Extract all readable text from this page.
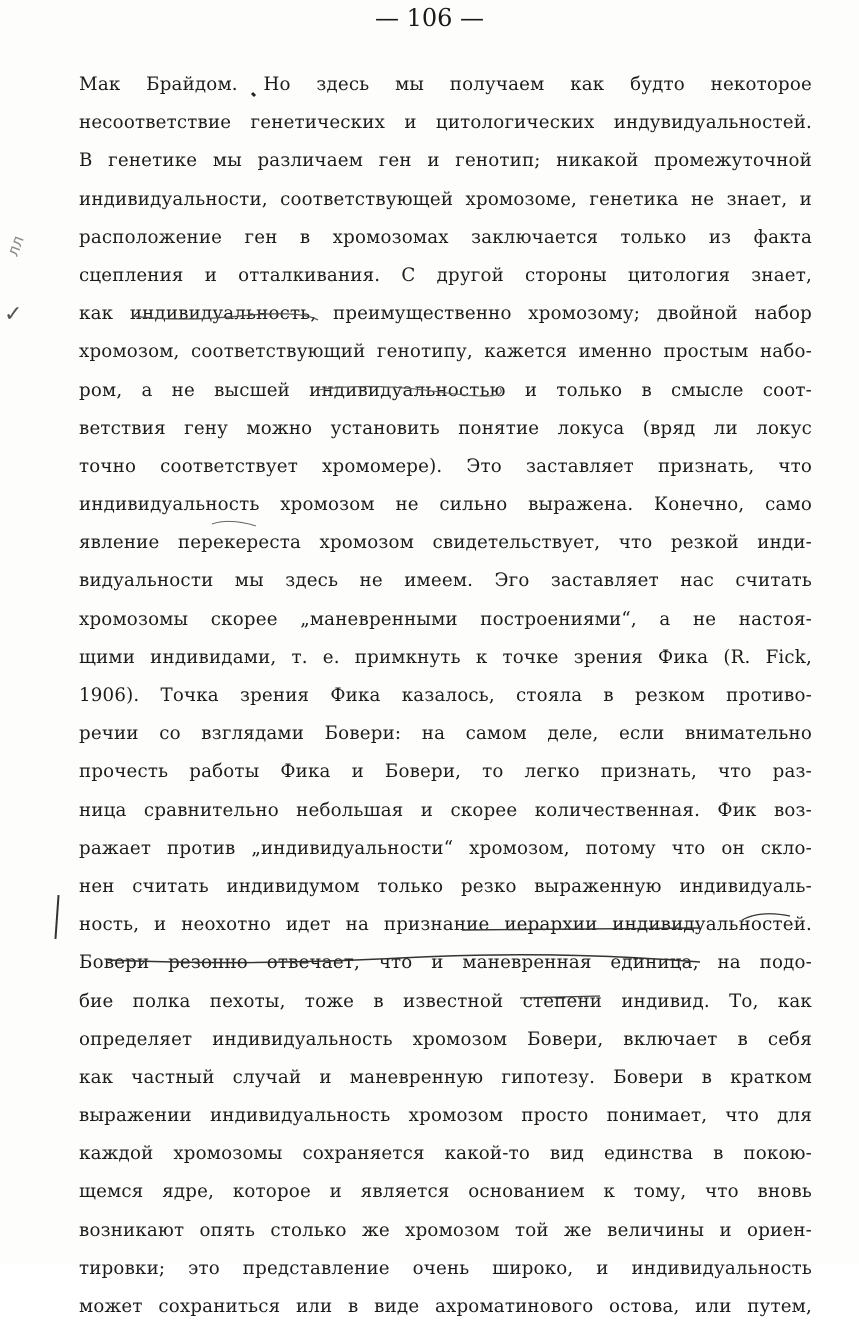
— 106 —
Мак Брайдом. Но здесь мы получаем как будто некоторое
несоответствие генетических и цитологических индувидуальностей.
В генетике мы различаем ген и генотип; никакой промежуточной
индивидуальности, соответствующей хромозоме, генетика не знает, и
расположение ген в хромозомах заключается только из факта
сцепления и отталкивания. С другой стороны цитология знает,
как индивидуальность, преимущественно хромозому; двойной набор
хромозом, соответствующий генотипу, кажется именно простым набо-
ром, а не высшей индивидуальностью и только в смысле соот-
ветствия гену можно установить понятие локуса (вряд ли локус
точно соответствует хромомере). Это заставляет признать, что
индивидуальность хромозом не сильно выражена. Конечно, само
явление перекереста хромозом свидетельствует, что резкой инди-
видуальности мы здесь не имеем. Эго заставляет нас считать
хромозомы скорее „маневренными построениями“, а не настоя-
щими индивидами, т. е. примкнуть к точке зрения Фика (R. Fick,
1906). Точка зрения Фика казалось, стояла в резком противо-
речии со взглядами Бовери: на самом деле, если внимательно
прочесть работы Фика и Бовери, то легко признать, что раз-
ница сравнительно небольшая и скорее количественная. Фик воз-
ражает против „индивидуальности“ хромозом, потому что он скло-
нен считать индивидумом только резко выраженную индивидуаль-
ность, и неохотно идет на признание иерархии индивидуальностей.
Бовери резонно отвечает, что и маневренная единица, на подо-
бие полка пехоты, тоже в известной степени индивид. То, как
определяет индивидуальность хромозом Бовери, включает в себя
как частный случай и маневренную гипотезу. Бовери в кратком
выражении индивидуальность хромозом просто понимает, что для
каждой хромозомы сохраняется какой-то вид единства в покою-
щемся ядре, которое и является основанием к тому, что вновь
возникают опять столько же хромозом той же величины и ориен-
тировки; это представление очень широко, и индивидуальность
может сохраниться или в виде ахроматинового остова, или путем,
лл
✓
